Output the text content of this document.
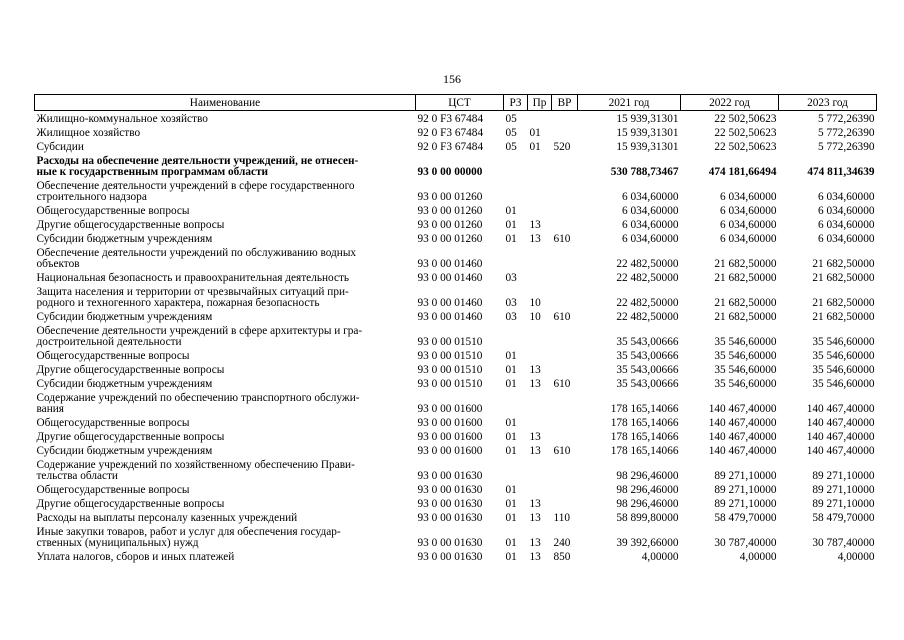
156
Наименование	ЦСТ	РЗ	Пр	ВР	2021 год	2022 год	2023 год
Жилищно-коммунальное хозяйство	92 0 F3 67484	05			15 939,31301	22 502,50623	5 772,26390
Жилищное хозяйство	92 0 F3 67484	05	01		15 939,31301	22 502,50623	5 772,26390
Субсидии	92 0 F3 67484	05	01	520	15 939,31301	22 502,50623	5 772,26390
Расходы на обеспечение деятельности учреждений, не отнесен-
ные к государственным программам области	93 0 00 00000				530 788,73467	474 181,66494	474 811,34639
Обеспечение деятельности учреждений в сфере государственного
строительного надзора	93 0 00 01260				6 034,60000	6 034,60000	6 034,60000
Общегосударственные вопросы	93 0 00 01260	01			6 034,60000	6 034,60000	6 034,60000
Другие общегосударственные вопросы	93 0 00 01260	01	13		6 034,60000	6 034,60000	6 034,60000
Субсидии бюджетным учреждениям	93 0 00 01260	01	13	610	6 034,60000	6 034,60000	6 034,60000
Обеспечение деятельности учреждений по обслуживанию водных
объектов	93 0 00 01460				22 482,50000	21 682,50000	21 682,50000
Национальная безопасность и правоохранительная деятельность	93 0 00 01460	03			22 482,50000	21 682,50000	21 682,50000
Защита населения и территории от чрезвычайных ситуаций при-
родного и техногенного характера, пожарная безопасность	93 0 00 01460	03	10		22 482,50000	21 682,50000	21 682,50000
Субсидии бюджетным учреждениям	93 0 00 01460	03	10	610	22 482,50000	21 682,50000	21 682,50000
Обеспечение деятельности учреждений в сфере архитектуры и гра-
достроительной деятельности	93 0 00 01510				35 543,00666	35 546,60000	35 546,60000
Общегосударственные вопросы	93 0 00 01510	01			35 543,00666	35 546,60000	35 546,60000
Другие общегосударственные вопросы	93 0 00 01510	01	13		35 543,00666	35 546,60000	35 546,60000
Субсидии бюджетным учреждениям	93 0 00 01510	01	13	610	35 543,00666	35 546,60000	35 546,60000
Содержание учреждений по обеспечению транспортного обслужи-
вания	93 0 00 01600				178 165,14066	140 467,40000	140 467,40000
Общегосударственные вопросы	93 0 00 01600	01			178 165,14066	140 467,40000	140 467,40000
Другие общегосударственные вопросы	93 0 00 01600	01	13		178 165,14066	140 467,40000	140 467,40000
Субсидии бюджетным учреждениям	93 0 00 01600	01	13	610	178 165,14066	140 467,40000	140 467,40000
Содержание учреждений по хозяйственному обеспечению Прави-
тельства области	93 0 00 01630				98 296,46000	89 271,10000	89 271,10000
Общегосударственные вопросы	93 0 00 01630	01			98 296,46000	89 271,10000	89 271,10000
Другие общегосударственные вопросы	93 0 00 01630	01	13		98 296,46000	89 271,10000	89 271,10000
Расходы на выплаты персоналу казенных учреждений	93 0 00 01630	01	13	110	58 899,80000	58 479,70000	58 479,70000
Иные закупки товаров, работ и услуг для обеспечения государ-
ственных (муниципальных) нужд	93 0 00 01630	01	13	240	39 392,66000	30 787,40000	30 787,40000
Уплата налогов, сборов и иных платежей	93 0 00 01630	01	13	850	4,00000	4,00000	4,00000
